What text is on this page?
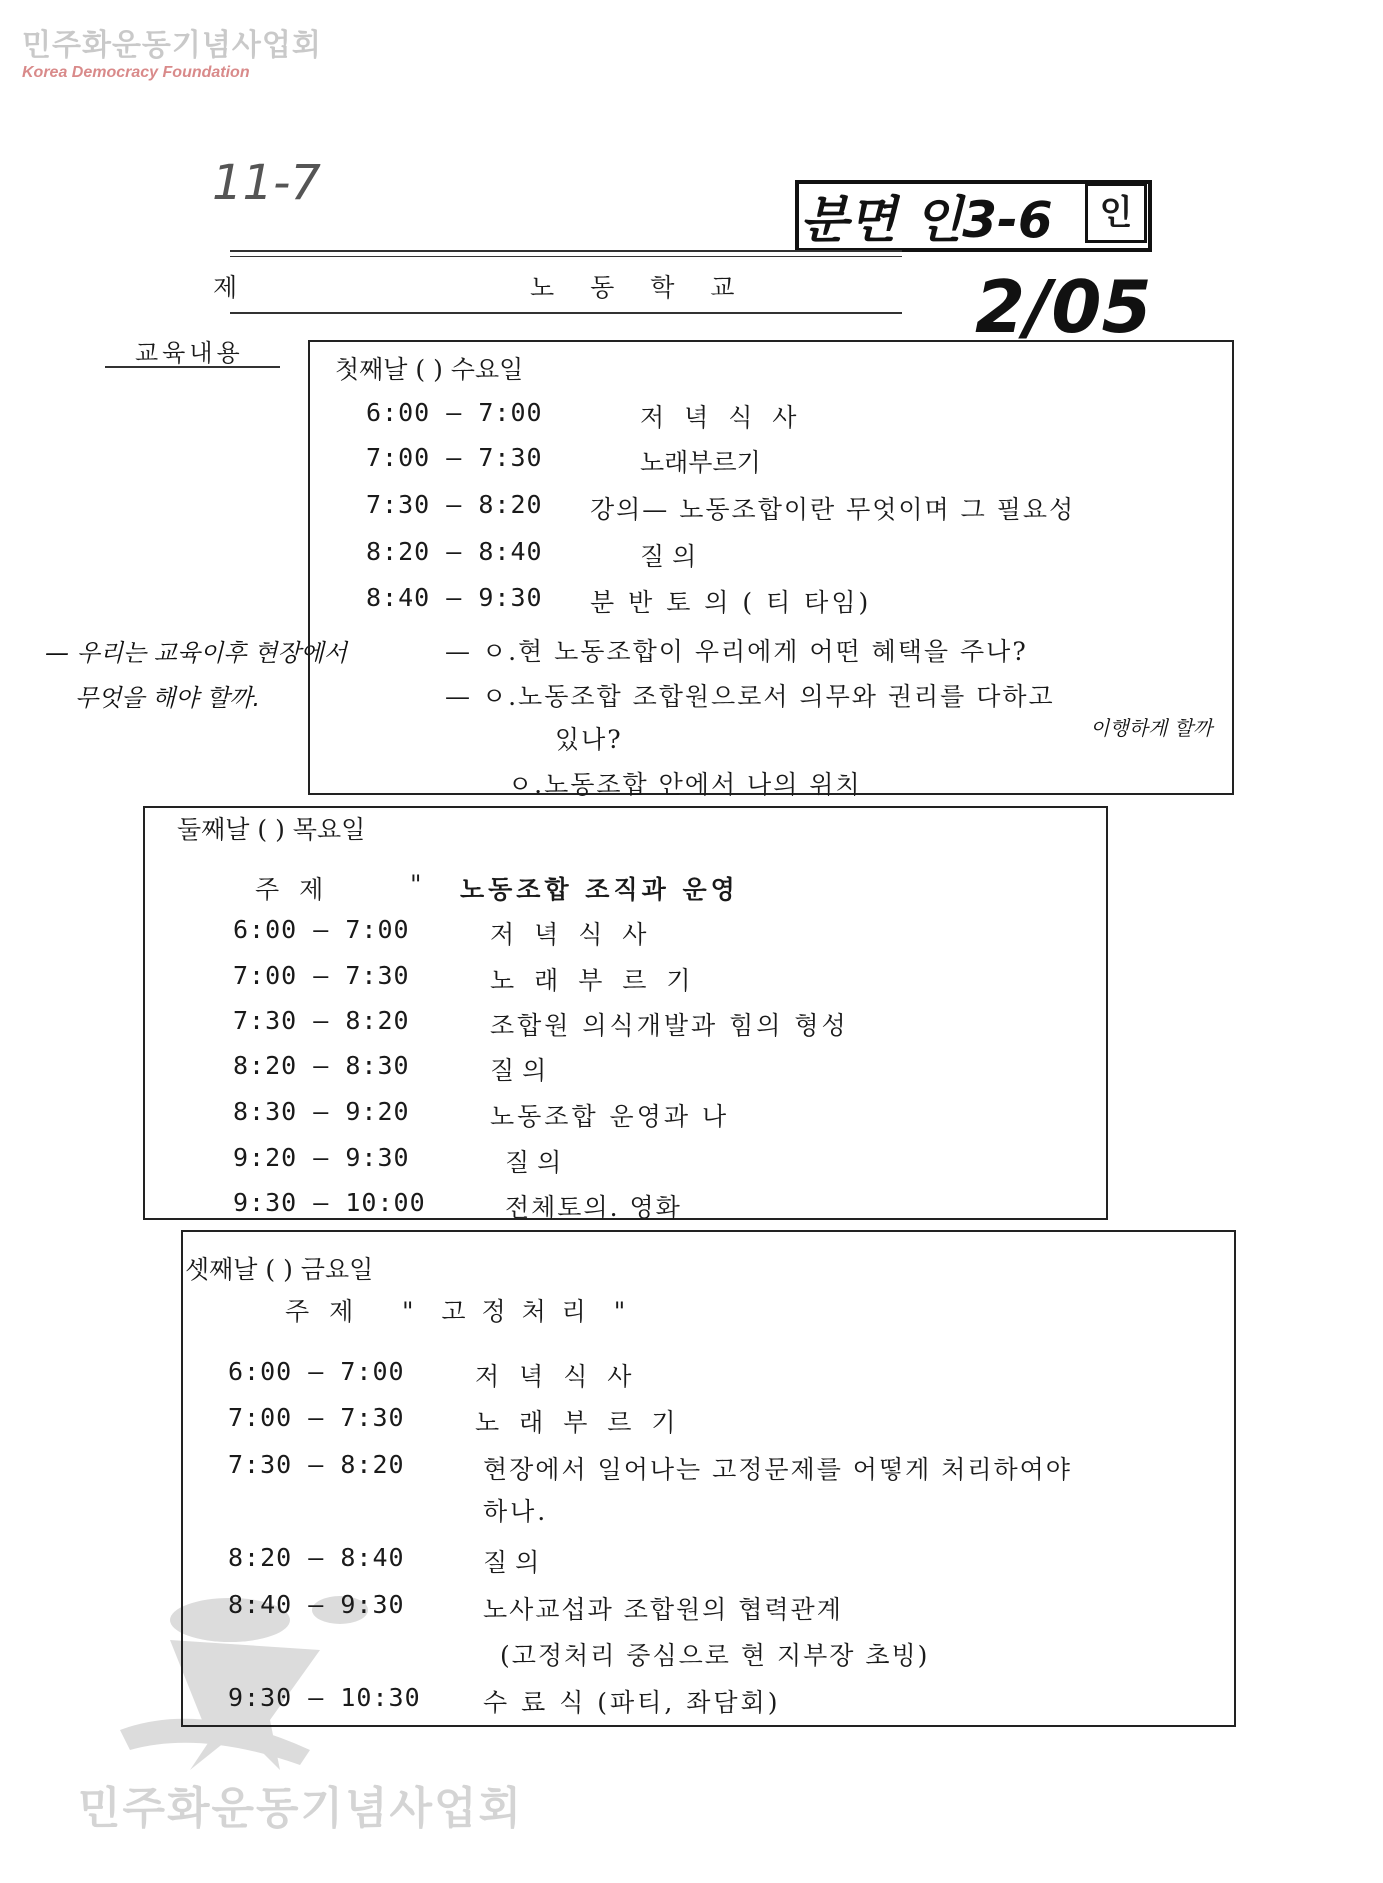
민주화운동기념사업회
Korea Democracy Foundation
민주화운동기념사업회
11-7
분면 인3-6	인
2/05
제	노 동 학 교
교육내용
— 우리는 교육이후 현장에서
무엇을 해야 할까.
첫째날 ( ) 수요일
6:00 — 7:00	저 녁 식 사
7:00 — 7:30	노래부르기
7:30 — 8:20 강의— 노동조합이란 무엇이며 그 필요성
8:20 — 8:40	질 의
8:40 — 9:30 분 반 토 의 ( 티 타임)
— ㅇ.현 노동조합이 우리에게 어떤 혜택을 주나?
— ㅇ.노동조합 조합원으로서 의무와 권리를 다하고
있나?
ㅇ.노동조합 안에서 나의 위치
이행하게 할까
둘째날 ( ) 목요일
주 제	" 노동조합 조직과 운영
6:00 — 7:00	저 녁 식 사
7:00 — 7:30	노 래 부 르 기
7:30 — 8:20	조합원 의식개발과 힘의 형성
8:20 — 8:30	질 의
8:30 — 9:20	노동조합 운영과 나
9:20 — 9:30	질 의
9:30 — 10:00	전체토의. 영화
셋째날 ( ) 금요일
주 제 "  고 정 처 리  "
6:00 — 7:00	저 녁 식 사
7:00 — 7:30	노 래 부 르 기
7:30 — 8:20	현장에서 일어나는 고정문제를 어떻게 처리하여야
하나.
8:20 — 8:40	질 의
8:40 — 9:30	노사교섭과 조합원의 협력관계
(고정처리 중심으로 현 지부장 초빙)
9:30 — 10:30 수 료 식 (파티, 좌담회)
